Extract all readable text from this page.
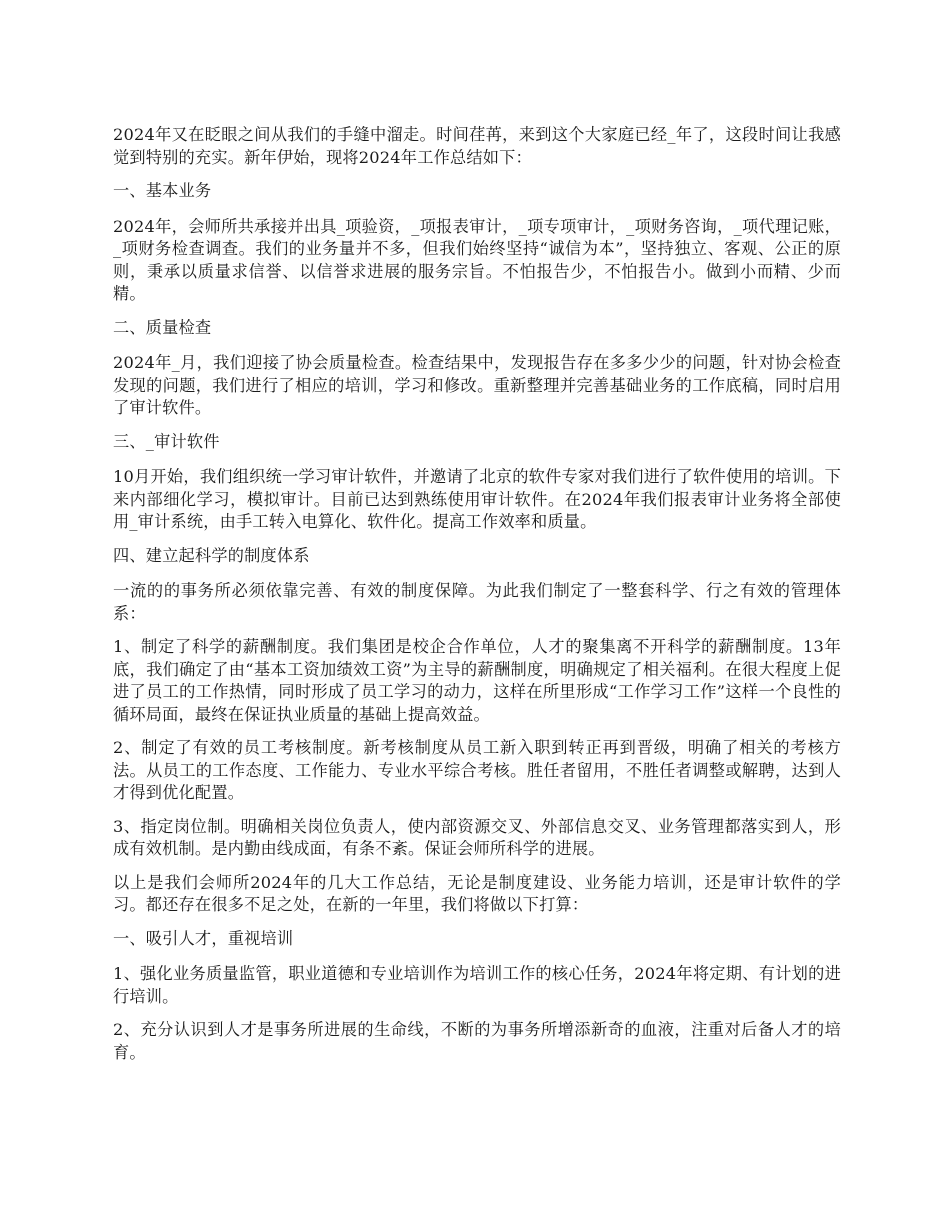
2024年又在眨眼之间从我们的手缝中溜走。时间荏苒，来到这个大家庭已经_年了，这段时间让我感觉到特别的充实。新年伊始，现将2024年工作总结如下：

一、基本业务

2024年，会师所共承接并出具_项验资，_项报表审计，_项专项审计，_项财务咨询，_项代理记账，_项财务检查调查。我们的业务量并不多，但我们始终坚持“诚信为本”，坚持独立、客观、公正的原则，秉承以质量求信誉、以信誉求进展的服务宗旨。不怕报告少，不怕报告小。做到小而精、少而精。

二、质量检查

2024年_月，我们迎接了协会质量检查。检查结果中，发现报告存在多多少少的问题，针对协会检查发现的问题，我们进行了相应的培训，学习和修改。重新整理并完善基础业务的工作底稿，同时启用了审计软件。

三、_审计软件

10月开始，我们组织统一学习审计软件，并邀请了北京的软件专家对我们进行了软件使用的培训。下来内部细化学习，模拟审计。目前已达到熟练使用审计软件。在2024年我们报表审计业务将全部使用_审计系统，由手工转入电算化、软件化。提高工作效率和质量。

四、建立起科学的制度体系

一流的的事务所必须依靠完善、有效的制度保障。为此我们制定了一整套科学、行之有效的管理体系：

1、制定了科学的薪酬制度。我们集团是校企合作单位，人才的聚集离不开科学的薪酬制度。13年底，我们确定了由“基本工资加绩效工资”为主导的薪酬制度，明确规定了相关福利。在很大程度上促进了员工的工作热情，同时形成了员工学习的动力，这样在所里形成“工作学习工作”这样一个良性的循环局面，最终在保证执业质量的基础上提高效益。

2、制定了有效的员工考核制度。新考核制度从员工新入职到转正再到晋级，明确了相关的考核方法。从员工的工作态度、工作能力、专业水平综合考核。胜任者留用，不胜任者调整或解聘，达到人才得到优化配置。

3、指定岗位制。明确相关岗位负责人，使内部资源交叉、外部信息交叉、业务管理都落实到人，形成有效机制。是内勤由线成面，有条不紊。保证会师所科学的进展。

以上是我们会师所2024年的几大工作总结，无论是制度建设、业务能力培训，还是审计软件的学习。都还存在很多不足之处，在新的一年里，我们将做以下打算：

一、吸引人才，重视培训

1、强化业务质量监管，职业道德和专业培训作为培训工作的核心任务，2024年将定期、有计划的进行培训。

2、充分认识到人才是事务所进展的生命线，不断的为事务所增添新奇的血液，注重对后备人才的培育。
